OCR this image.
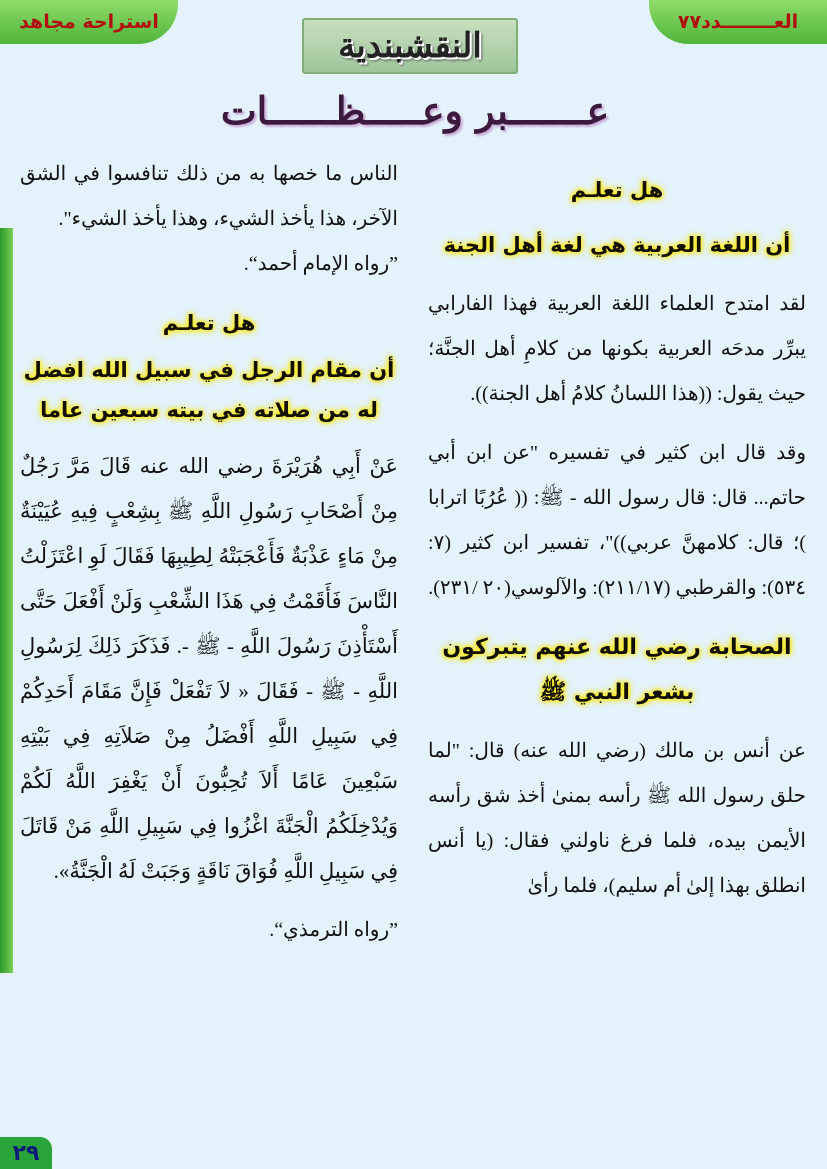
استراحة مجاهد	العــــــــدد٧٧
النقشبندية
عـــــــبر وعـــــظــــــات
هل تعلـم
أن اللغة العربية هي لغة أهل الجنة

لقد امتدح العلماء اللغة العربية فهذا الفارابي يبرِّر مدحَه العربية بكونها من كلامِ أهل الجنَّة؛ حيث يقول: ((هذا اللسانُ كلامُ أهل الجنة)).

وقد قال ابن كثير في تفسيره "عن ابن أبي حاتم... قال: قال رسول الله - ﷺ: (( عُرُبًا اترابا )؛ قال: كلامهنَّ عربي))"، تفسير ابن كثير (٧: ٥٣٤): والقرطبي (٢١١/١٧): والآلوسي(٢٠ /٢٣١).

الصحابة رضي الله عنهم يتبركون بشعر النبي ﷺ

عن أنس بن مالك (رضي الله عنه) قال: "لما حلق رسول الله ﷺ رأسه بمنىٰ أخذ شق رأسه الأيمن بيده، فلما فرغ ناولني فقال: (يا أنس انطلق بهذا إلىٰ أم سليم)، فلما رأىٰ

الناس ما خصها به من ذلك تنافسوا في الشق الآخر، هذا يأخذ الشيء، وهذا يأخذ الشيء".

”رواه الإمام أحمد“.

هل تعلـم
أن مقام الرجل في سبيل الله افضل له من صلاته في بيته سبعين عاما

عَنْ أَبِي هُرَيْرَةَ رضي الله عنه قَالَ مَرَّ رَجُلٌ مِنْ أَصْحَابِ رَسُولِ اللَّهِ ﷺ بِشِعْبٍ فِيهِ عُيَيْنَةٌ مِنْ مَاءٍ عَذْبَةٌ فَأَعْجَبَتْهُ لِطِيبِهَا فَقَالَ لَوِ اعْتَزَلْتُ النَّاسَ فَأَقَمْتُ فِي هَذَا الشِّعْبِ وَلَنْ أَفْعَلَ حَتَّى أَسْتَأْذِنَ رَسُولَ اللَّهِ - ﷺ -. فَذَكَرَ ذَلِكَ لِرَسُولِ اللَّهِ - ﷺ - فَقَالَ « لاَ تَفْعَلْ فَإِنَّ مَقَامَ أَحَدِكُمْ فِي سَبِيلِ اللَّهِ أَفْضَلُ مِنْ صَلاَتِهِ فِي بَيْتِهِ سَبْعِينَ عَامًا أَلاَ تُحِبُّونَ أَنْ يَغْفِرَ اللَّهُ لَكُمْ وَيُدْخِلَكُمُ الْجَنَّةَ اغْزُوا فِي سَبِيلِ اللَّهِ مَنْ قَاتَلَ فِي سَبِيلِ اللَّهِ فُوَاقَ نَاقَةٍ وَجَبَتْ لَهُ الْجَنَّةُ».

”رواه الترمذي“.

٢٩
